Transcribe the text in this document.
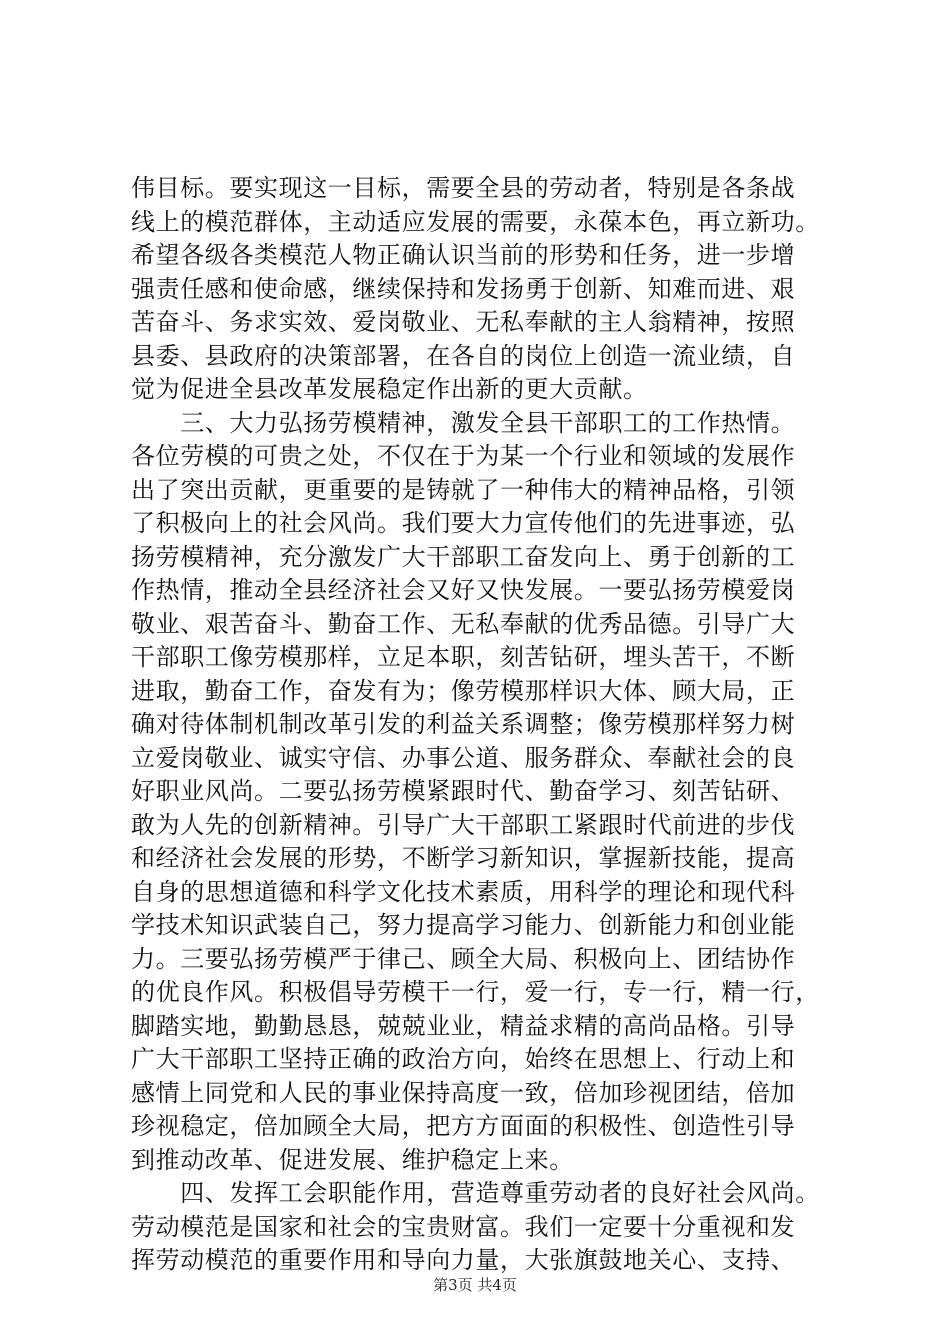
伟目标。要实现这一目标，需要全县的劳动者，特别是各条战
线上的模范群体，主动适应发展的需要，永葆本色，再立新功。
希望各级各类模范人物正确认识当前的形势和任务，进一步增
强责任感和使命感，继续保持和发扬勇于创新、知难而进、艰
苦奋斗、务求实效、爱岗敬业、无私奉献的主人翁精神，按照
县委、县政府的决策部署，在各自的岗位上创造一流业绩，自
觉为促进全县改革发展稳定作出新的更大贡献。
　　三、大力弘扬劳模精神，激发全县干部职工的工作热情。
各位劳模的可贵之处，不仅在于为某一个行业和领域的发展作
出了突出贡献，更重要的是铸就了一种伟大的精神品格，引领
了积极向上的社会风尚。我们要大力宣传他们的先进事迹，弘
扬劳模精神，充分激发广大干部职工奋发向上、勇于创新的工
作热情，推动全县经济社会又好又快发展。一要弘扬劳模爱岗
敬业、艰苦奋斗、勤奋工作、无私奉献的优秀品德。引导广大
干部职工像劳模那样，立足本职，刻苦钻研，埋头苦干，不断
进取，勤奋工作，奋发有为；像劳模那样识大体、顾大局，正
确对待体制机制改革引发的利益关系调整；像劳模那样努力树
立爱岗敬业、诚实守信、办事公道、服务群众、奉献社会的良
好职业风尚。二要弘扬劳模紧跟时代、勤奋学习、刻苦钻研、
敢为人先的创新精神。引导广大干部职工紧跟时代前进的步伐
和经济社会发展的形势，不断学习新知识，掌握新技能，提高
自身的思想道德和科学文化技术素质，用科学的理论和现代科
学技术知识武装自己，努力提高学习能力、创新能力和创业能
力。三要弘扬劳模严于律己、顾全大局、积极向上、团结协作
的优良作风。积极倡导劳模干一行，爱一行，专一行，精一行，
脚踏实地，勤勤恳恳，兢兢业业，精益求精的高尚品格。引导
广大干部职工坚持正确的政治方向，始终在思想上、行动上和
感情上同党和人民的事业保持高度一致，倍加珍视团结，倍加
珍视稳定，倍加顾全大局，把方方面面的积极性、创造性引导
到推动改革、促进发展、维护稳定上来。
　　四、发挥工会职能作用，营造尊重劳动者的良好社会风尚。
劳动模范是国家和社会的宝贵财富。我们一定要十分重视和发
挥劳动模范的重要作用和导向力量，大张旗鼓地关心、支持、
第3页 共4页
